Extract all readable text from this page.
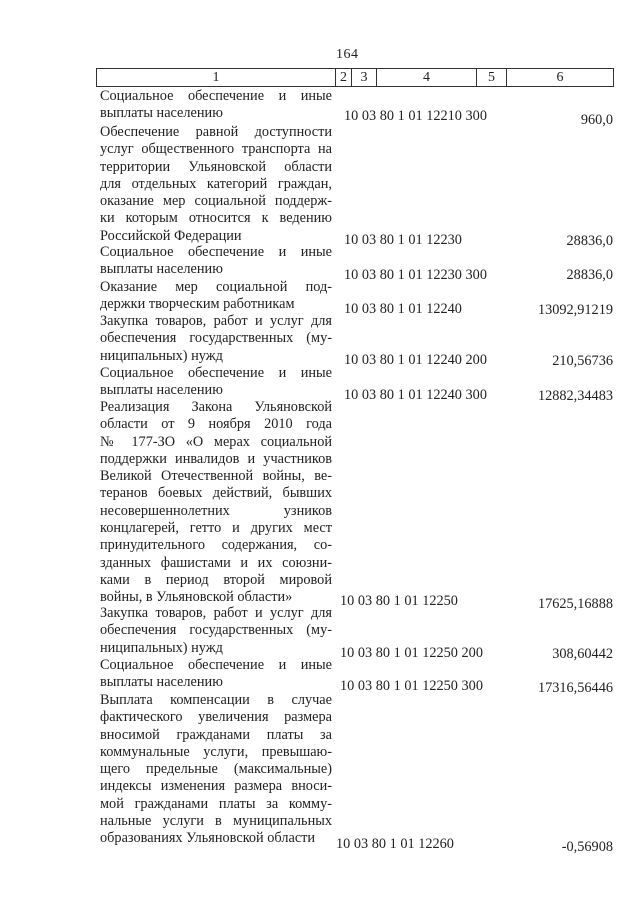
164
1	2 3	4	5	6
Социальное обеспечение и иные
выплаты населению	10 03 80 1 01 12210 300	960,0
Обеспечение равной доступности
услуг общественного транспорта на
территории Ульяновской области
для отдельных категорий граждан,
оказание мер социальной поддерж-
ки которым относится к ведению
Российской Федерации	10 03 80 1 01 12230	28836,0
Социальное обеспечение и иные
выплаты населению	10 03 80 1 01 12230 300	28836,0
Оказание мер социальной под-
держки творческим работникам	10 03 80 1 01 12240	13092,91219
Закупка товаров, работ и услуг для
обеспечения государственных (му-
ниципальных) нужд	10 03 80 1 01 12240 200	210,56736
Социальное обеспечение и иные
выплаты населению	10 03 80 1 01 12240 300	12882,34483
Реализация Закона Ульяновской
области от 9 ноября 2010 года
№ 177-ЗО «О мерах социальной
поддержки инвалидов и участников
Великой Отечественной войны, ве-
теранов боевых действий, бывших
несовершеннолетних узников
концлагерей, гетто и других мест
принудительного содержания, со-
зданных фашистами и их союзни-
ками в период второй мировой
войны, в Ульяновской области»	10 03 80 1 01 12250	17625,16888
Закупка товаров, работ и услуг для
обеспечения государственных (му-
ниципальных) нужд	10 03 80 1 01 12250 200	308,60442
Социальное обеспечение и иные
выплаты населению	10 03 80 1 01 12250 300	17316,56446
Выплата компенсации в случае
фактического увеличения размера
вносимой гражданами платы за
коммунальные услуги, превышаю-
щего предельные (максимальные)
индексы изменения размера вноси-
мой гражданами платы за комму-
нальные услуги в муниципальных
образованиях Ульяновской области	10 03 80 1 01 12260	-0,56908
